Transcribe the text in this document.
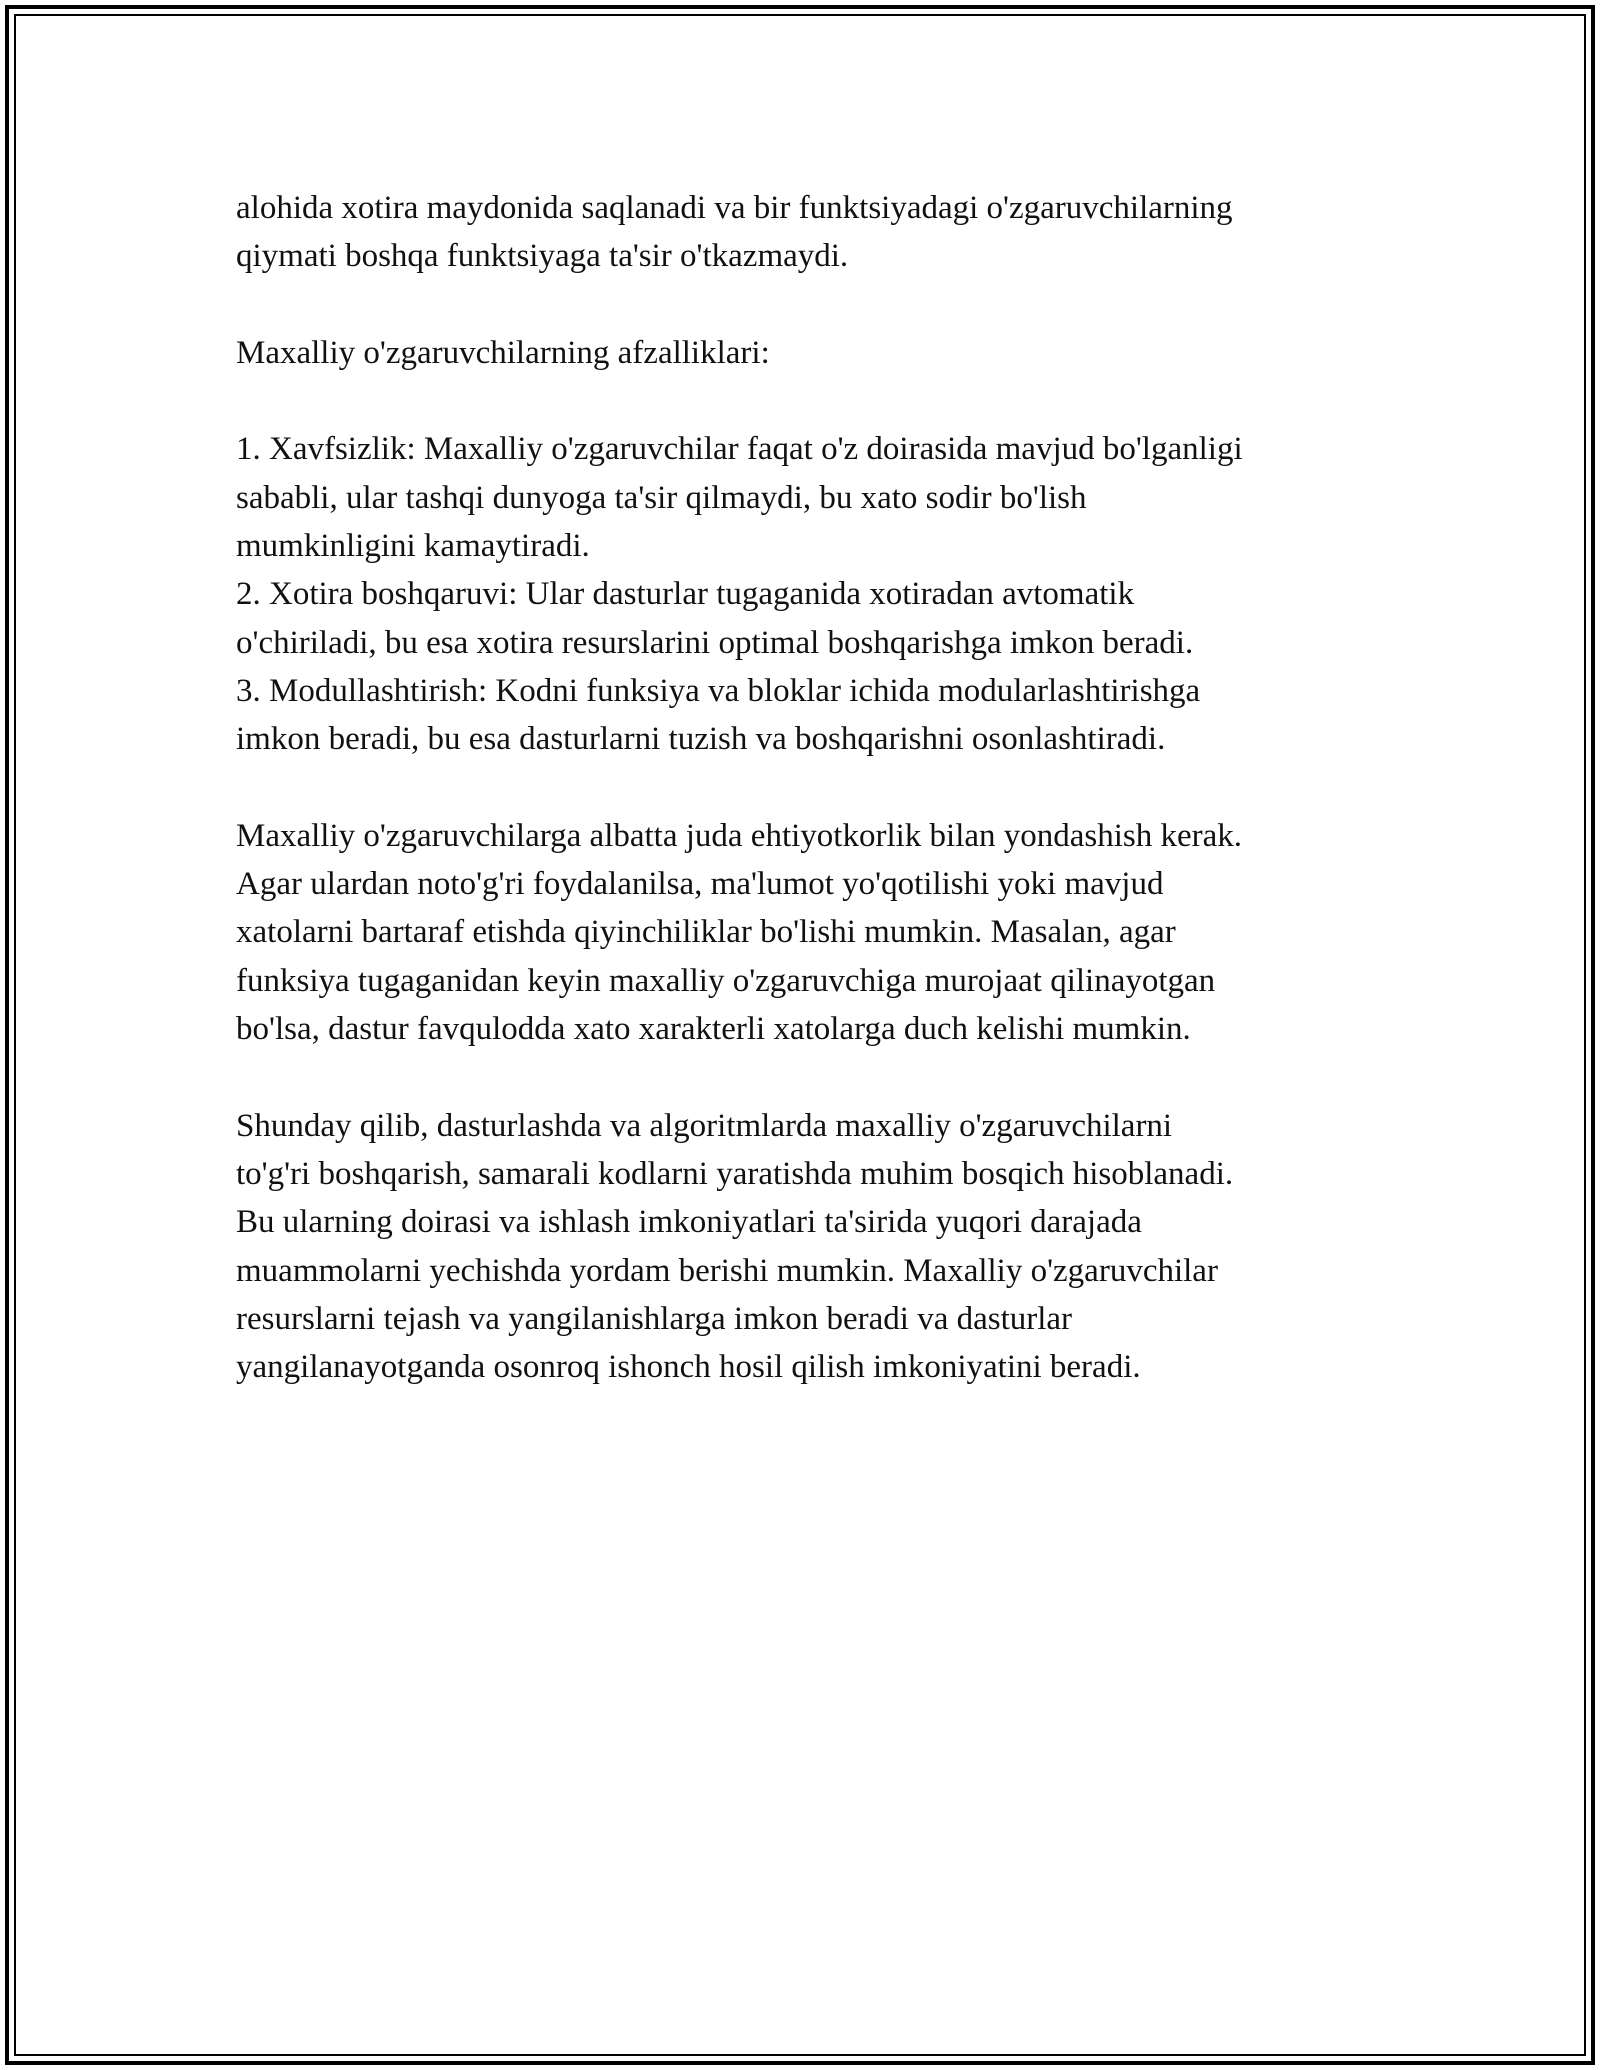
alohida xotira maydonida saqlanadi va bir funktsiyadagi o'zgaruvchilarning
qiymati boshqa funktsiyaga ta'sir o'tkazmaydi.
Maxalliy o'zgaruvchilarning afzalliklari:
1. Xavfsizlik: Maxalliy o'zgaruvchilar faqat o'z doirasida mavjud bo'lganligi
sababli, ular tashqi dunyoga ta'sir qilmaydi, bu xato sodir bo'lish
mumkinligini kamaytiradi.
2. Xotira boshqaruvi: Ular dasturlar tugaganida xotiradan avtomatik
o'chiriladi, bu esa xotira resurslarini optimal boshqarishga imkon beradi.
3. Modullashtirish: Kodni funksiya va bloklar ichida modularlashtirishga
imkon beradi, bu esa dasturlarni tuzish va boshqarishni osonlashtiradi.
Maxalliy o'zgaruvchilarga albatta juda ehtiyotkorlik bilan yondashish kerak.
Agar ulardan noto'g'ri foydalanilsa, ma'lumot yo'qotilishi yoki mavjud
xatolarni bartaraf etishda qiyinchiliklar bo'lishi mumkin. Masalan, agar
funksiya tugaganidan keyin maxalliy o'zgaruvchiga murojaat qilinayotgan
bo'lsa, dastur favqulodda xato xarakterli xatolarga duch kelishi mumkin.
Shunday qilib, dasturlashda va algoritmlarda maxalliy o'zgaruvchilarni
to'g'ri boshqarish, samarali kodlarni yaratishda muhim bosqich hisoblanadi.
Bu ularning doirasi va ishlash imkoniyatlari ta'sirida yuqori darajada
muammolarni yechishda yordam berishi mumkin. Maxalliy o'zgaruvchilar
resurslarni tejash va yangilanishlarga imkon beradi va dasturlar
yangilanayotganda osonroq ishonch hosil qilish imkoniyatini beradi.
